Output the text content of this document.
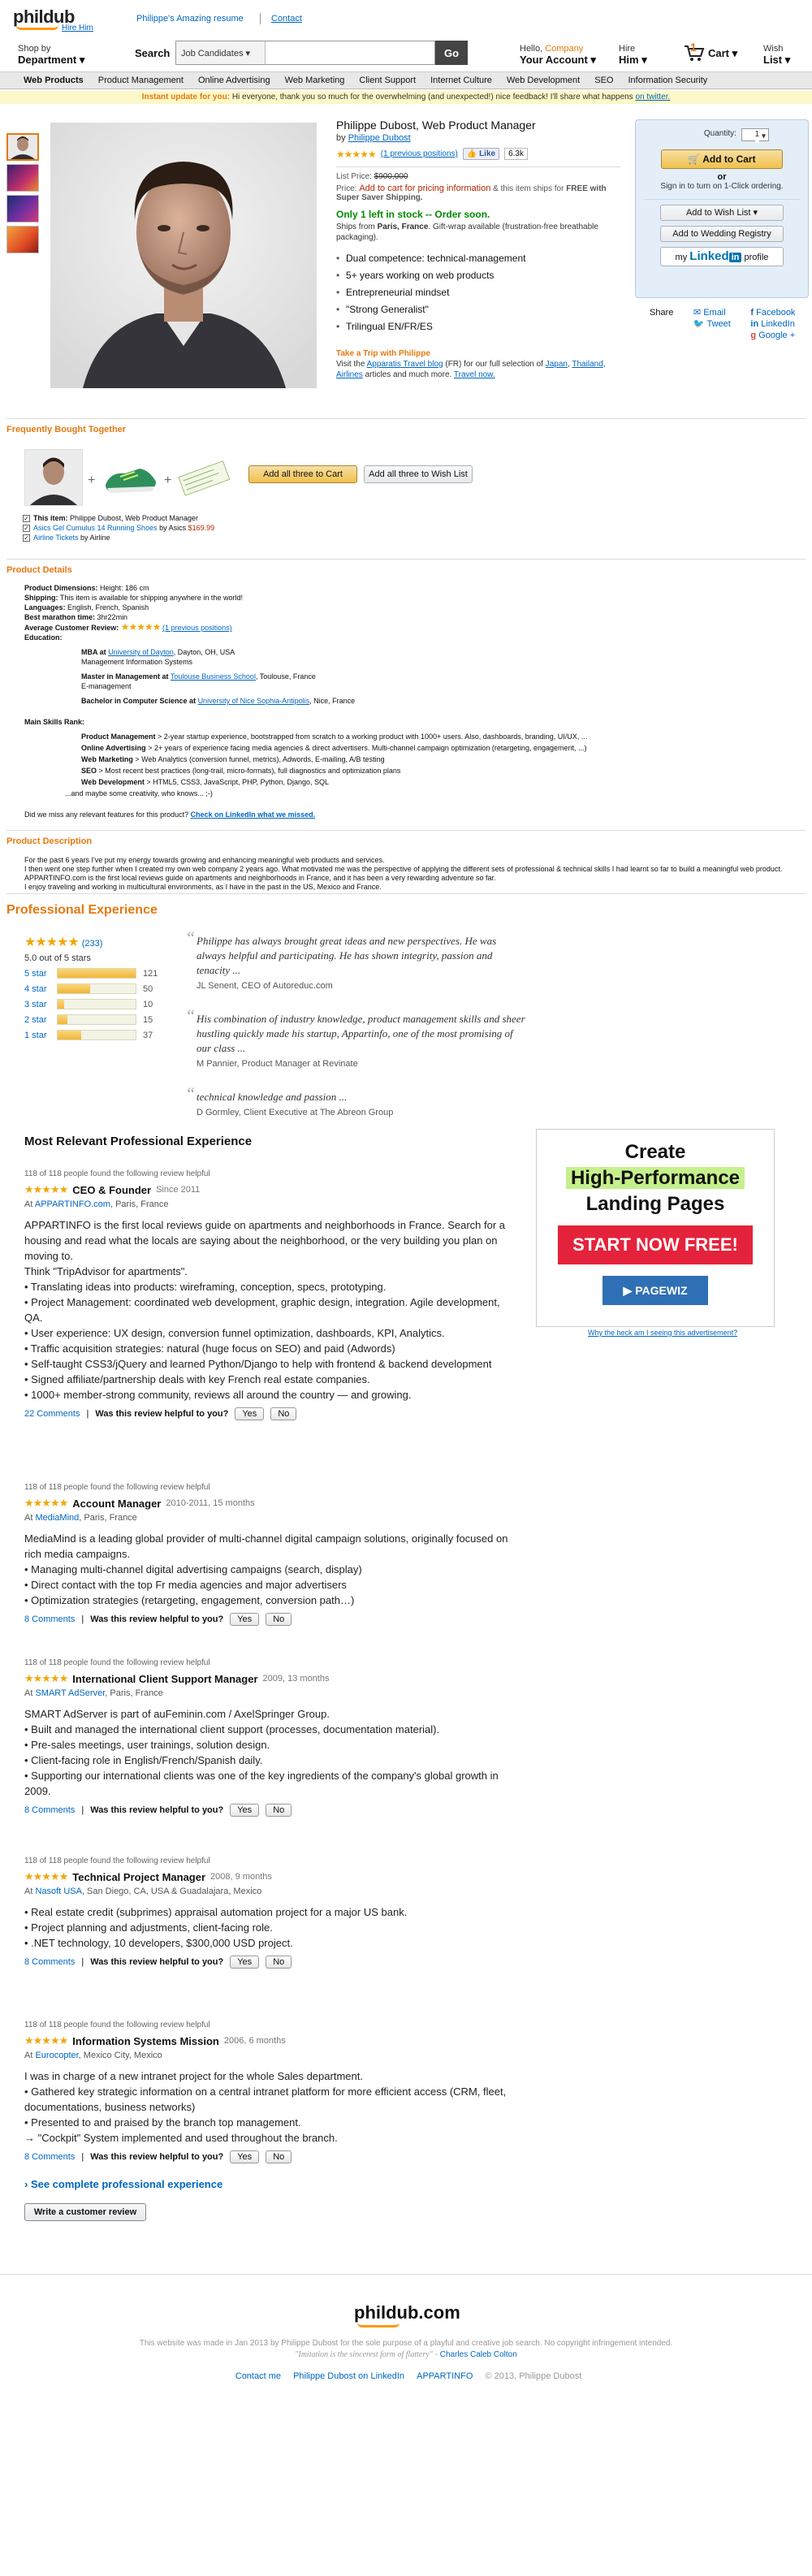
phildub
Hire Him
Philippe's Amazing resume	Contact
Shop by
Department ▾
Search	Job Candidates ▾	Go	Hello, Company
Your Account ▾
Hire
Him ▾
1 Cart ▾	Wish
List ▾
Web Products	Product Management	Online Advertising	Web Marketing	Client Support	Internet Culture	Web Development	SEO	Information Security
Instant update for you: Hi everyone, thank you so much for the overwhelming (and unexpected!) nice feedback! I'll share what happens on twitter.
Philippe Dubost, Web Product Manager
by Philippe Dubost
★★★★★ (1 previous positions)	👍 Like	6.3k
List Price: $900,000
Price: Add to cart for pricing information & this item ships for FREE with Super Saver Shipping.
Only 1 left in stock -- Order soon.
Ships from Paris, France. Gift-wrap available (frustration-free breathable packaging).
• Dual competence: technical-management
• 5+ years working on web products
• Entrepreneurial mindset
• "Strong Generalist"
• Trilingual EN/FR/ES
Take a Trip with Philippe
Visit the Apparatis Travel blog (FR) for our full selection of Japan, Thailand, Airlines articles and much more. Travel now.
Quantity: 1 ▾
🛒 Add to Cart
or
Sign in to turn on 1-Click ordering.
Add to Wish List ▾
Add to Wedding Registry
my Linked in profile
Share	✉ Email	f Facebook
🐦 Tweet	in LinkedIn
g Google +
Frequently Bought Together
+	+	Add all three to Cart	Add all three to Wish List
✓ This item: Philippe Dubost, Web Product Manager
✓ Asics Gel Cumulus 14 Running Shoes by Asics $169.99
✓ Airline Tickets by Airline
Product Details
Product Dimensions: Height: 186 cm
Shipping: This item is available for shipping anywhere in the world!
Languages: English, French, Spanish
Best marathon time: 3hr22min
Average Customer Review: ★★★★★ (1 previous positions)
Education:
MBA at University of Dayton, Dayton, OH, USA
Management Information Systems
Master in Management at Toulouse Business School, Toulouse, France
E-management
Bachelor in Computer Science at University of Nice Sophia-Antipolis, Nice, France
Main Skills Rank:
Product Management > 2-year startup experience, bootstrapped from scratch to a working product with 1000+ users. Also, dashboards, branding, UI/UX, ...
Online Advertising > 2+ years of experience facing media agencies & direct advertisers. Multi-channel campaign optimization (retargeting, engagement, ...)
Web Marketing > Web Analytics (conversion funnel, metrics), Adwords, E-mailing, A/B testing
SEO > Most recent best practices (long-trail, micro-formats), full diagnostics and optimization plans
Web Development > HTML5, CSS3, JavaScript, PHP, Python, Django, SQL
...and maybe some creativity, who knows... ;-)
Did we miss any relevant features for this product? Check on LinkedIn what we missed.
Product Description
For the past 6 years I've put my energy towards growing and enhancing meaningful web products and services.
I then went one step further when I created my own web company 2 years ago. What motivated me was the perspective of applying the different sets of professional & technical skills I had learnt so far to build a meaningful web product. APPARTINFO.com is the first local reviews guide on apartments and neighborhoods in France, and it has been a very rewarding adventure so far.
I enjoy traveling and working in multicultural environments, as I have in the past in the US, Mexico and France.
Professional Experience
★★★★★ (233)
5.0 out of 5 stars
5 star	121
4 star	50
3 star	10
2 star	15
1 star	37
“ Philippe has always brought great ideas and new perspectives. He was always helpful and participating. He has shown integrity, passion and tenacity ...
JL Senent, CEO of Autoreduc.com
“ His combination of industry knowledge, product management skills and sheer hustling quickly made his startup, Appartinfo, one of the most promising of our class ...
M Pannier, Product Manager at Revinate
“ technical knowledge and passion ...
D Gormley, Client Executive at The Abreon Group
Most Relevant Professional Experience	Create
High-Performance
Landing Pages
START NOW FREE!
▶ PAGEWIZ
Why the heck am I seeing this advertisement?
118 of 118 people found the following review helpful
★★★★★ CEO & Founder Since 2011
At APPARTINFO.com, Paris, France
APPARTINFO is the first local reviews guide on apartments and neighborhoods in France. Search for a housing and read what the locals are saying about the neighborhood, or the very building you plan on moving to.
Think "TripAdvisor for apartments".
• Translating ideas into products: wireframing, conception, specs, prototyping.
• Project Management: coordinated web development, graphic design, integration. Agile development, QA.
• User experience: UX design, conversion funnel optimization, dashboards, KPI, Analytics.
• Traffic acquisition strategies: natural (huge focus on SEO) and paid (Adwords)
• Self-taught CSS3/jQuery and learned Python/Django to help with frontend & backend development
• Signed affiliate/partnership deals with key French real estate companies.
• 1000+ member-strong community, reviews all around the country — and growing.
22 Comments | Was this review helpful to you?	Yes	No
118 of 118 people found the following review helpful
★★★★★ Account Manager 2010-2011, 15 months
At MediaMind, Paris, France
MediaMind is a leading global provider of multi-channel digital campaign solutions, originally focused on rich media campaigns.
• Managing multi-channel digital advertising campaigns (search, display)
• Direct contact with the top Fr media agencies and major advertisers
• Optimization strategies (retargeting, engagement, conversion path…)
8 Comments | Was this review helpful to you?	Yes	No
118 of 118 people found the following review helpful
★★★★★ International Client Support Manager 2009, 13 months
At SMART AdServer, Paris, France
SMART AdServer is part of auFeminin.com / AxelSpringer Group.
• Built and managed the international client support (processes, documentation material).
• Pre-sales meetings, user trainings, solution design.
• Client-facing role in English/French/Spanish daily.
• Supporting our international clients was one of the key ingredients of the company's global growth in 2009.
8 Comments | Was this review helpful to you?	Yes	No
118 of 118 people found the following review helpful
★★★★★ Technical Project Manager 2008, 9 months
At Nasoft USA, San Diego, CA, USA & Guadalajara, Mexico
• Real estate credit (subprimes) appraisal automation project for a major US bank.
• Project planning and adjustments, client-facing role.
• .NET technology, 10 developers, $300,000 USD project.
8 Comments | Was this review helpful to you?	Yes	No
118 of 118 people found the following review helpful
★★★★★ Information Systems Mission 2006, 6 months
At Eurocopter, Mexico City, Mexico
I was in charge of a new intranet project for the whole Sales department.
• Gathered key strategic information on a central intranet platform for more efficient access (CRM, fleet, documentations, business networks)
• Presented to and praised by the branch top management.
→ "Cockpit" System implemented and used throughout the branch.
8 Comments | Was this review helpful to you?	Yes	No
› See complete professional experience
Write a customer review
phildub.com
This website was made in Jan 2013 by Philippe Dubost for the sole purpose of a playful and creative job search. No copyright infringement intended.
"Imitation is the sincerest form of flattery" - Charles Caleb Colton
Contact me Philippe Dubost on LinkedIn APPARTINFO © 2013, Philippe Dubost
